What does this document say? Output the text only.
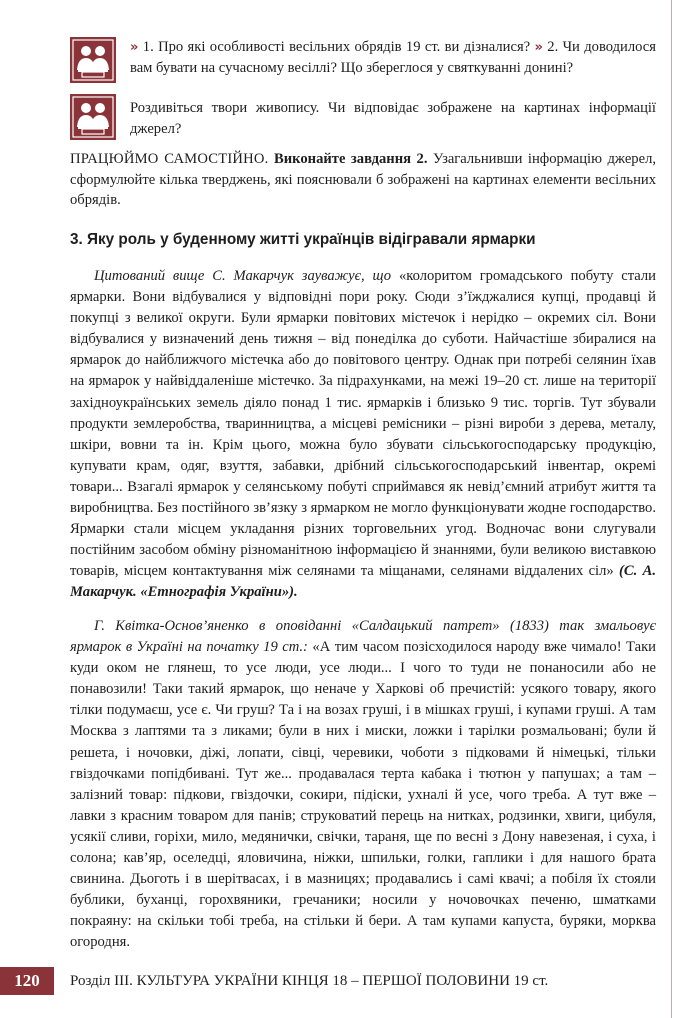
» 1. Про які особливості весільних обрядів 19 ст. ви дізналися? » 2. Чи доводилося вам бувати на сучасному весіллі? Що збереглося у святкуванні донині?
Роздивіться твори живопису. Чи відповідає зображене на картинах інформації джерел?
ПРАЦЮЙМО САМОСТІЙНО. Виконайте завдання 2. Узагальнивши інформацію джерел, сформулюйте кілька тверджень, які пояснювали б зображені на картинах елементи весільних обрядів.
3. Яку роль у буденному житті українців відігравали ярмарки

Цитований вище С. Макарчук зауважує, що «колоритом громадського побуту стали ярмарки. Вони відбувалися у відповідні пори року. Сюди з’їжджалися купці, продавці й покупці з великої округи. Були ярмарки повітових містечок і нерідко – окремих сіл. Вони відбувалися у визначений день тижня – від понеділка до суботи. Найчастіше збиралися на ярмарок до найближчого містечка або до повітового центру. Однак при потребі селянин їхав на ярмарок у найвіддаленіше містечко. За підрахунками, на межі 19–20 ст. лише на території західноукраїнських земель діяло понад 1 тис. ярмарків і близько 9 тис. торгів. Тут збували продукти землеробства, тваринництва, а місцеві ремісники – різні вироби з дерева, металу, шкіри, вовни та ін. Крім цього, можна було збувати сільськогосподарську продукцію, купувати крам, одяг, взуття, забавки, дрібний сільськогосподарський інвентар, окремі товари... Взагалі ярмарок у селянському побуті сприймався як невід’ємний атрибут життя та виробництва. Без постійного зв’язку з ярмарком не могло функціонувати жодне господарство. Ярмарки стали місцем укладання різних торговельних угод. Водночас вони слугували постійним засобом обміну різноманітною інформацією й знаннями, були великою виставкою товарів, місцем контактування між селянами та міщанами, селянами віддалених сіл» (С. А. Макарчук. «Етнографія України»).

Г. Квітка-Основ’яненко в оповіданні «Салдацький патрет» (1833) так змальовує ярмарок в Україні на початку 19 ст.: «А тим часом позісходилося народу вже чимало! Таки куди оком не глянеш, то усе люди, усе люди... І чого то туди не понаносили або не понавозили! Таки такий ярмарок, що неначе у Харкові об пречистій: усякого товару, якого тілки подумаєш, усе є. Чи груш? Та і на возах груші, і в мішках груші, і купами груші. А там Москва з лаптями та з ликами; були в них і миски, ложки і тарілки розмальовані; були й решета, і ночовки, діжі, лопати, сівці, черевики, чоботи з підковами й німецькі, тільки гвіздочками попідбивані. Тут же... продавалася терта кабака і тютюн у папушах; а там – залізний товар: підкови, гвіздочки, сокири, підіски, ухналі й усе, чого треба. А тут вже – лавки з красним товаром для панів; струковатий перець на нитках, родзинки, хвиги, цибуля, усякії сливи, горіхи, мило, медянички, свічки, тараня, ще по весні з Дону навезеная, і суха, і солона; кав’яр, оселедці, яловичина, ніжки, шпильки, голки, гаплики і для нашого брата свинина. Дьоготь і в шерітвасах, і в мазницях; продавались і самі квачі; а побіля їх стояли бублики, буханці, горохвяники, гречаники; носили у ночовочках печеню, шматками покраяну: на скільки тобі треба, на стільки й бери. А там купами капуста, буряки, морква огородня.

120	Розділ ІІІ. КУЛЬТУРА УКРАЇНИ КІНЦЯ 18 – ПЕРШОЇ ПОЛОВИНИ 19 ст.
